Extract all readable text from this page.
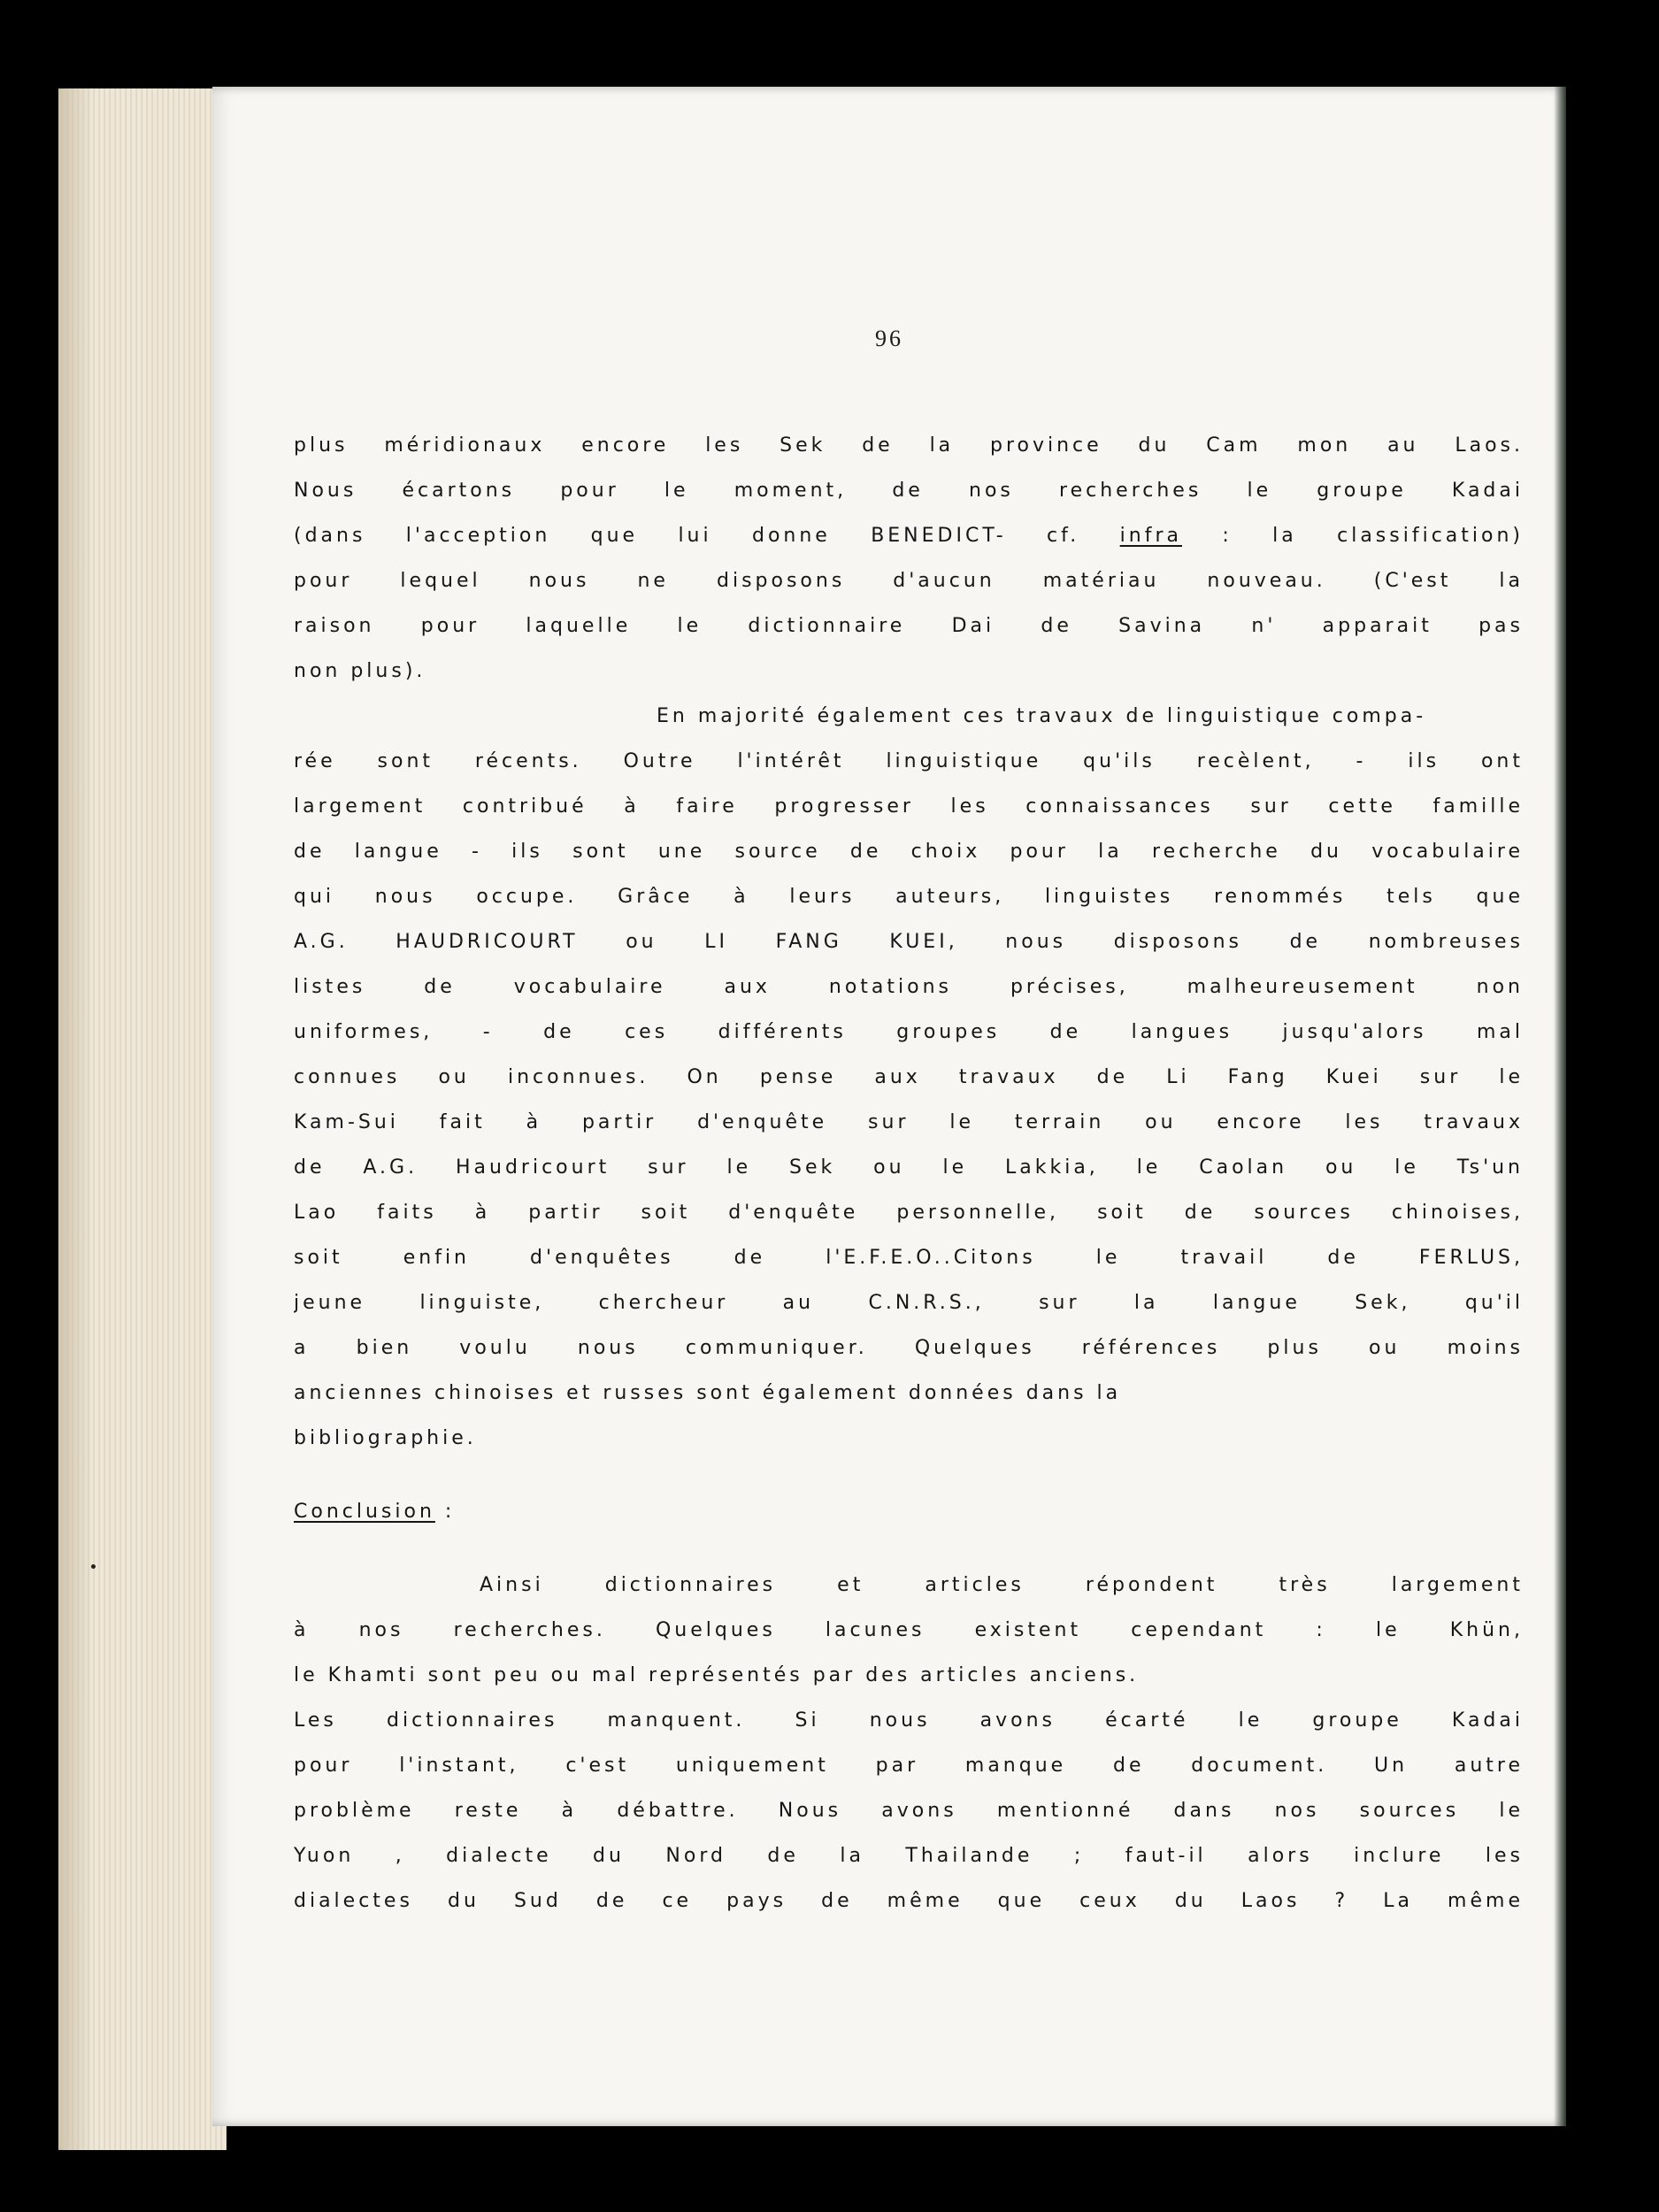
96
plus méridionaux encore les Sek de la province du Cam mon au Laos.
Nous écartons pour le moment, de nos recherches le groupe Kadai
(dans l'acception que lui donne BENEDICT- cf. infra : la classification)
pour lequel nous ne disposons d'aucun matériau nouveau. (C'est la
raison pour laquelle le dictionnaire Dai de Savina n' apparait pas
non plus).
En majorité également ces travaux de linguistique compa-
rée sont récents. Outre l'intérêt linguistique qu'ils recèlent, - ils ont
largement contribué à faire progresser les connaissances sur cette famille
de langue - ils sont une source de choix pour la recherche du vocabulaire
qui nous occupe. Grâce à leurs auteurs, linguistes renommés tels que
A.G. HAUDRICOURT ou LI FANG KUEI, nous disposons de nombreuses
listes de vocabulaire aux notations précises, malheureusement non
uniformes, - de ces différents groupes de langues jusqu'alors mal
connues ou inconnues. On pense aux travaux de Li Fang Kuei sur le
Kam-Sui fait à partir d'enquête sur le terrain ou encore les travaux
de A.G. Haudricourt sur le Sek ou le Lakkia, le Caolan ou le Ts'un
Lao faits à partir soit d'enquête personnelle, soit de sources chinoises,
soit enfin d'enquêtes de l'E.F.E.O..Citons le travail de FERLUS,
jeune linguiste, chercheur au C.N.R.S., sur la langue Sek, qu'il
a bien voulu nous communiquer. Quelques références plus ou moins
anciennes chinoises et russes sont également données dans la
bibliographie.
Conclusion :
Ainsi dictionnaires et articles répondent très largement
à nos recherches. Quelques lacunes existent cependant : le Khün,
le Khamti sont peu ou mal représentés par des articles anciens.
Les dictionnaires manquent. Si nous avons écarté le groupe Kadai
pour l'instant, c'est uniquement par manque de document. Un autre
problème reste à débattre. Nous avons mentionné dans nos sources le
Yuon , dialecte du Nord de la Thailande ; faut-il alors inclure les
dialectes du Sud de ce pays de même que ceux du Laos ? La même
